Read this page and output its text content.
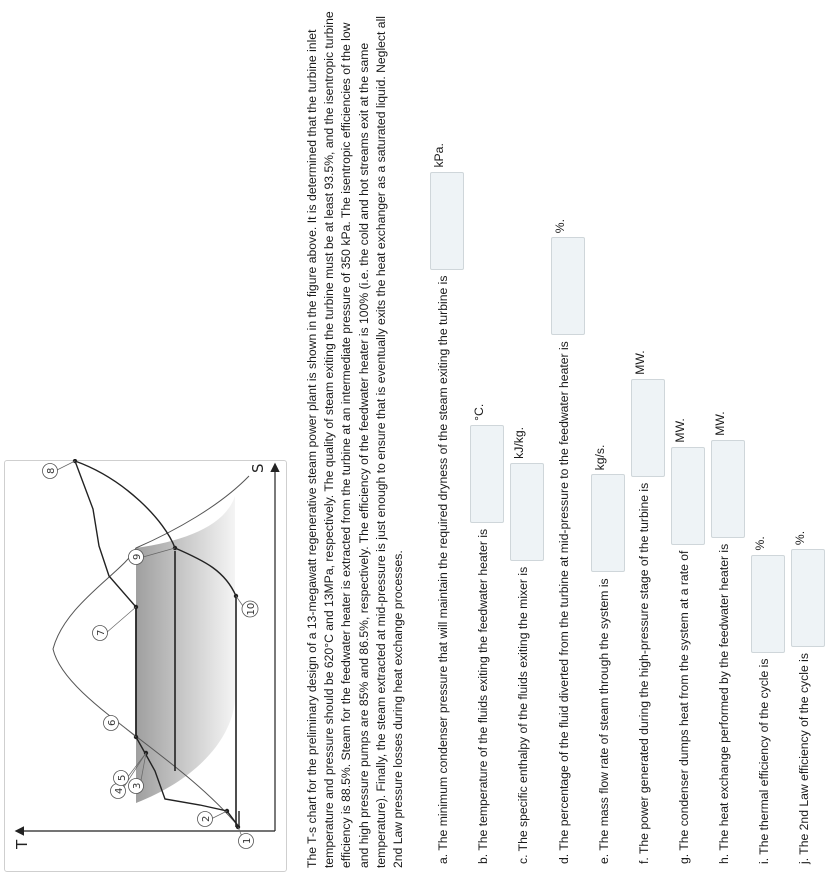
T
S
1
2
3
4
5
6
7
8
9
10	The T-s chart for the preliminary design of a 13-megawatt regenerative steam power plant is shown in the figure above. It is determined that the turbine inlet temperature and pressure should be 620°C and 13MPa, respectively. The quality of steam exiting the turbine must be at least 93.5%, and the isentropic turbine efficiency is 88.5%. Steam for the feedwater heater is extracted from the turbine at an intermediate pressure of 350 kPa. The isentropic efficiencies of the low and high pressure pumps are 85% and 86.5%, respectively. The efficiency of the feedwater heater is 100% (i.e. the cold and hot streams exit at the same temperature). Finally, the steam extracted at mid-pressure is just enough to ensure that is eventually exits the heat exchanger as a saturated liquid. Neglect all 2nd Law pressure losses during heat exchange processes.	a. The minimum condenser pressure that will maintain the required dryness of the steam exiting the turbine is
kPa.
b. The temperature of the fluids exiting the feedwater heater is
°C.
c. The specific enthalpy of the fluids exiting the mixer is
kJ/kg.	d. The percentage of the fluid diverted from the turbine at mid-pressure to the feedwater heater is
%.
e. The mass flow rate of steam through the system is
kg/s.
f. The power generated during the high-pressure stage of the turbine is
MW.
g. The condenser dumps heat from the system at a rate of
MW.
h. The heat exchange performed by the feedwater heater is
MW.
i. The thermal efficiency of the cycle is
%.
j. The 2nd Law efficiency of the cycle is
%.
